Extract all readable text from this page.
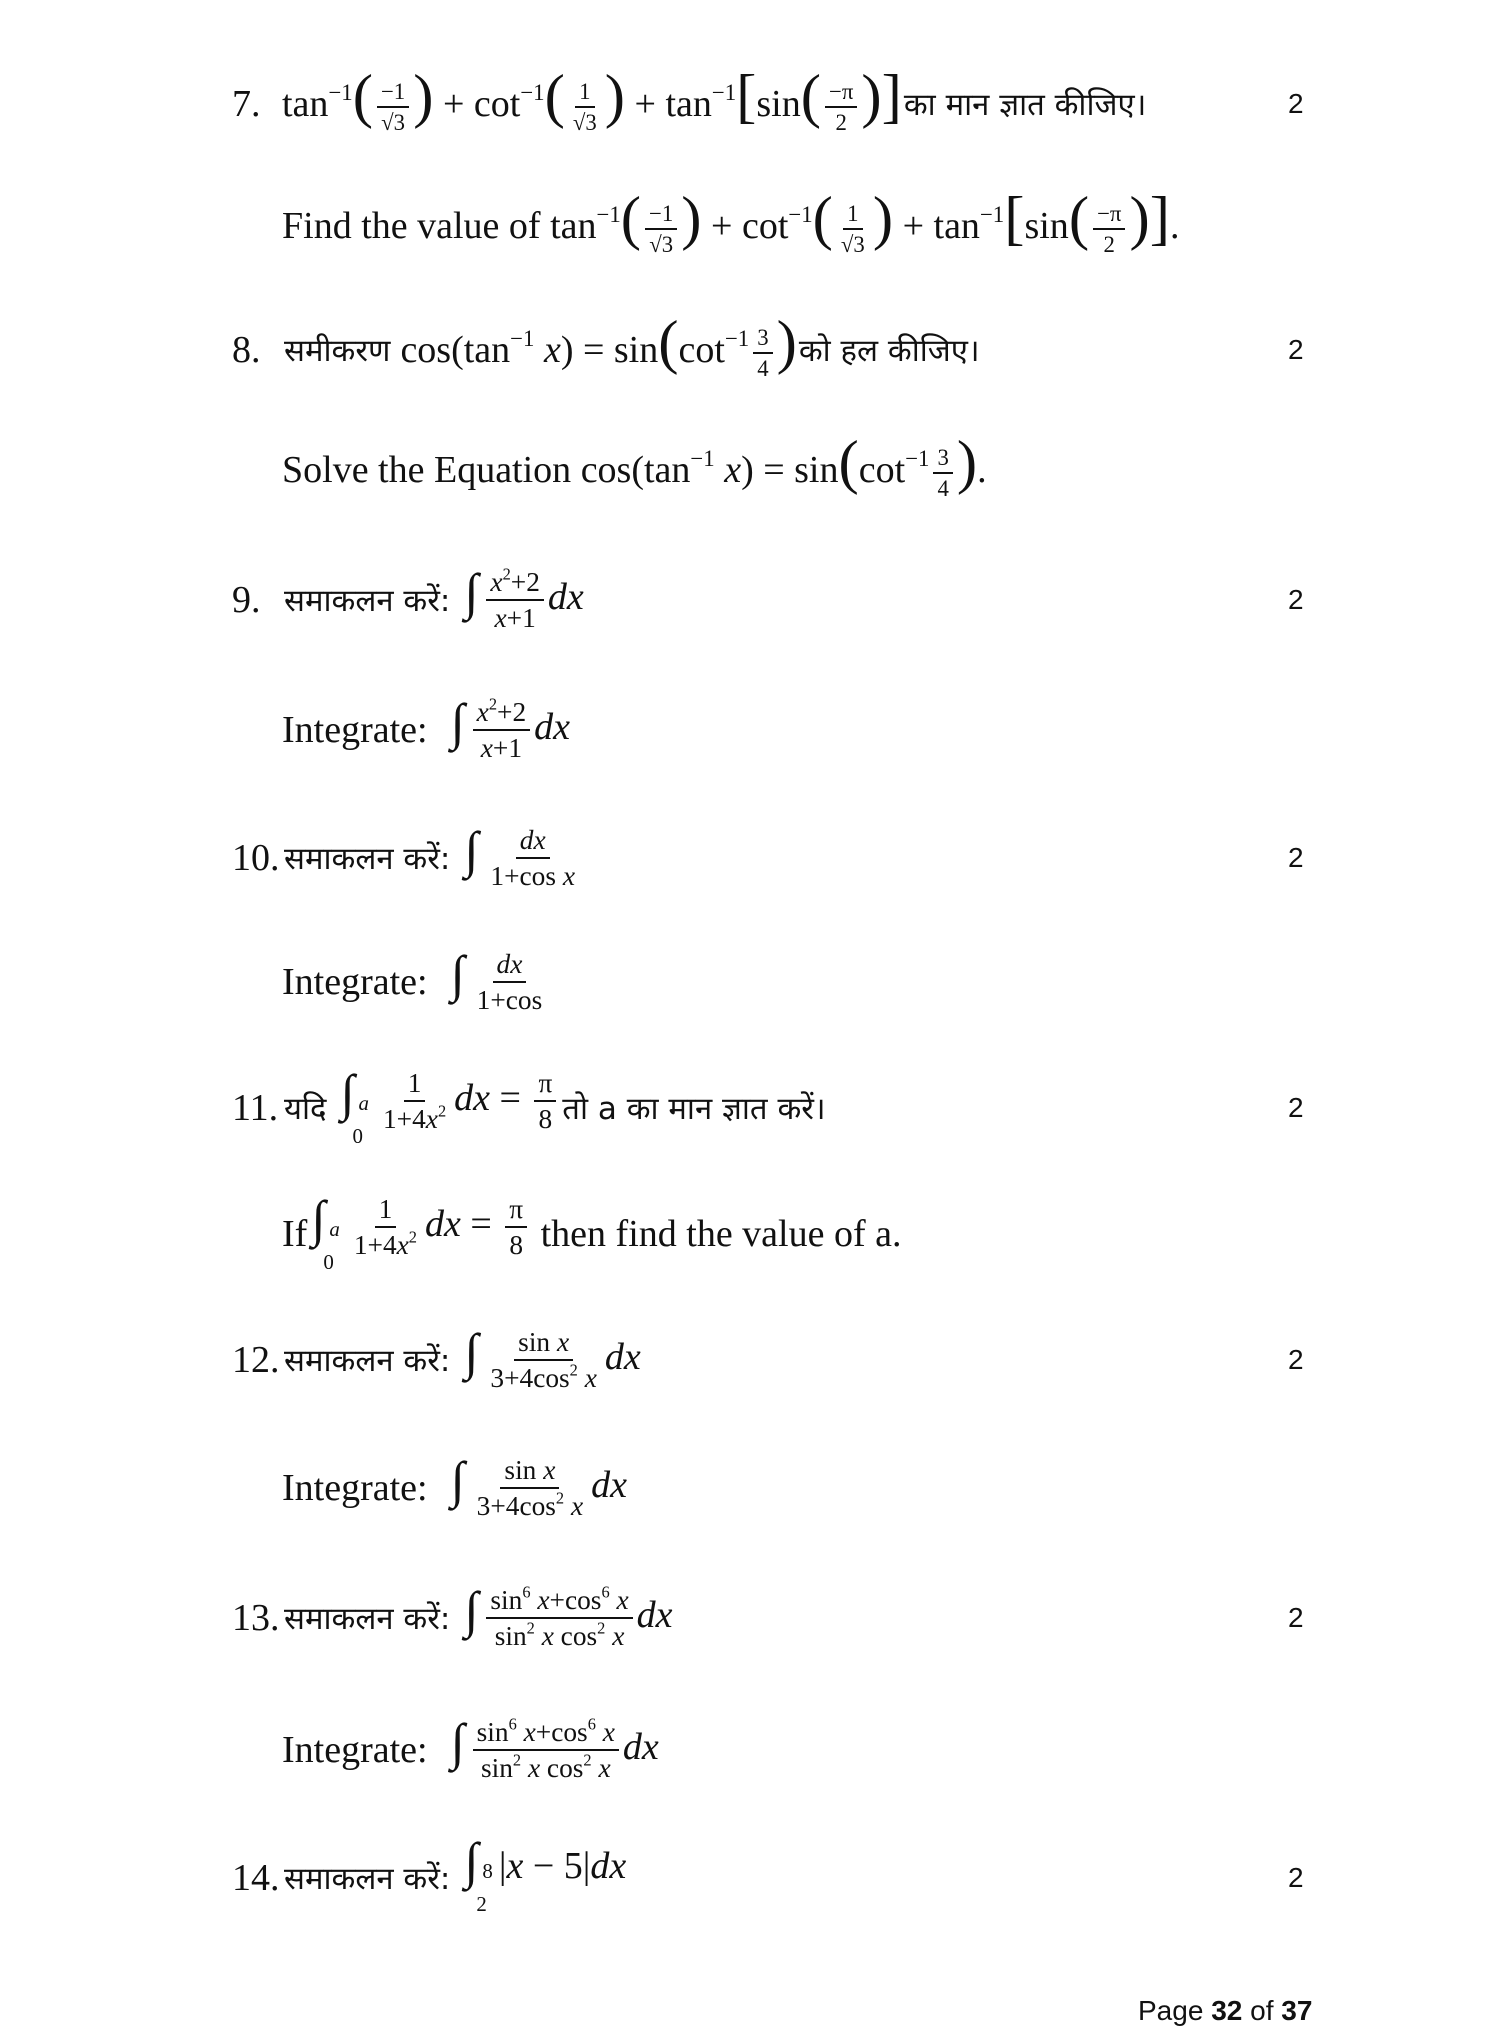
7. $\tan^{-1}( \frac{-1}{√3}$ ) + $\cot^{-1}( \frac{1}{√3}$ ) + $\tan^{-1}[\sin( \frac{-\pi}{2}$ )] का मान ज्ञात कीजिए।	2
Find the value of
$\tan^{-1}( \frac{-1}{√3}$ ) + $\cot^{-1}( \frac{1}{√3}$ ) + $\tan^{-1}[\sin( \frac{-\pi}{2}$ )].
8. समीकरण $\cos(\tan^{-1}$ $x) = \sin(\cot^{-1} \frac{3}{4}$ ) को हल कीजिए।	2
Solve the Equation
$\cos(\tan^{-1}$ $x) = \sin(\cot^{-1} \frac{3}{4}$ ).
9. समाकलन करें: ∫ $\frac{x^2+2}{x+1}$ dx	2
Integrate:
∫ $\frac{x^2+2}{x+1}$ dx
10. समाकलन करें: ∫ $\frac{dx}{\text{1+cos x}}$	2
Integrate:
∫ $\frac{dx}{1+\cos}$
11. यदि ∫ a
0
$\frac{1}{1+4x^2}$ dx = $\frac{\pi}{8}$ तो a का मान ज्ञात करें।	2
If ∫ a
0
$\frac{1}{1+4x^2}$ dx = $\frac{\pi}{8}$
then find the value of a.
12. समाकलन करें: ∫ $\frac{\text{sin x}}{3+4\cos^2 x}$ dx	2
Integrate:
∫ $\frac{\text{sin x}}{3+4\cos^2 x}$ dx
13. समाकलन करें: ∫ $\frac{\sin^6 x+\cos^6 x}{\sin^2 x \cos^2 x}$ dx	2
Integrate:
∫ $\frac{\sin^6 x+\cos^6 x}{\sin^2 x \cos^2 x}$ dx
14. समाकलन करें: ∫ 8
2
|x − 5|dx	2
Page 32 of 37
